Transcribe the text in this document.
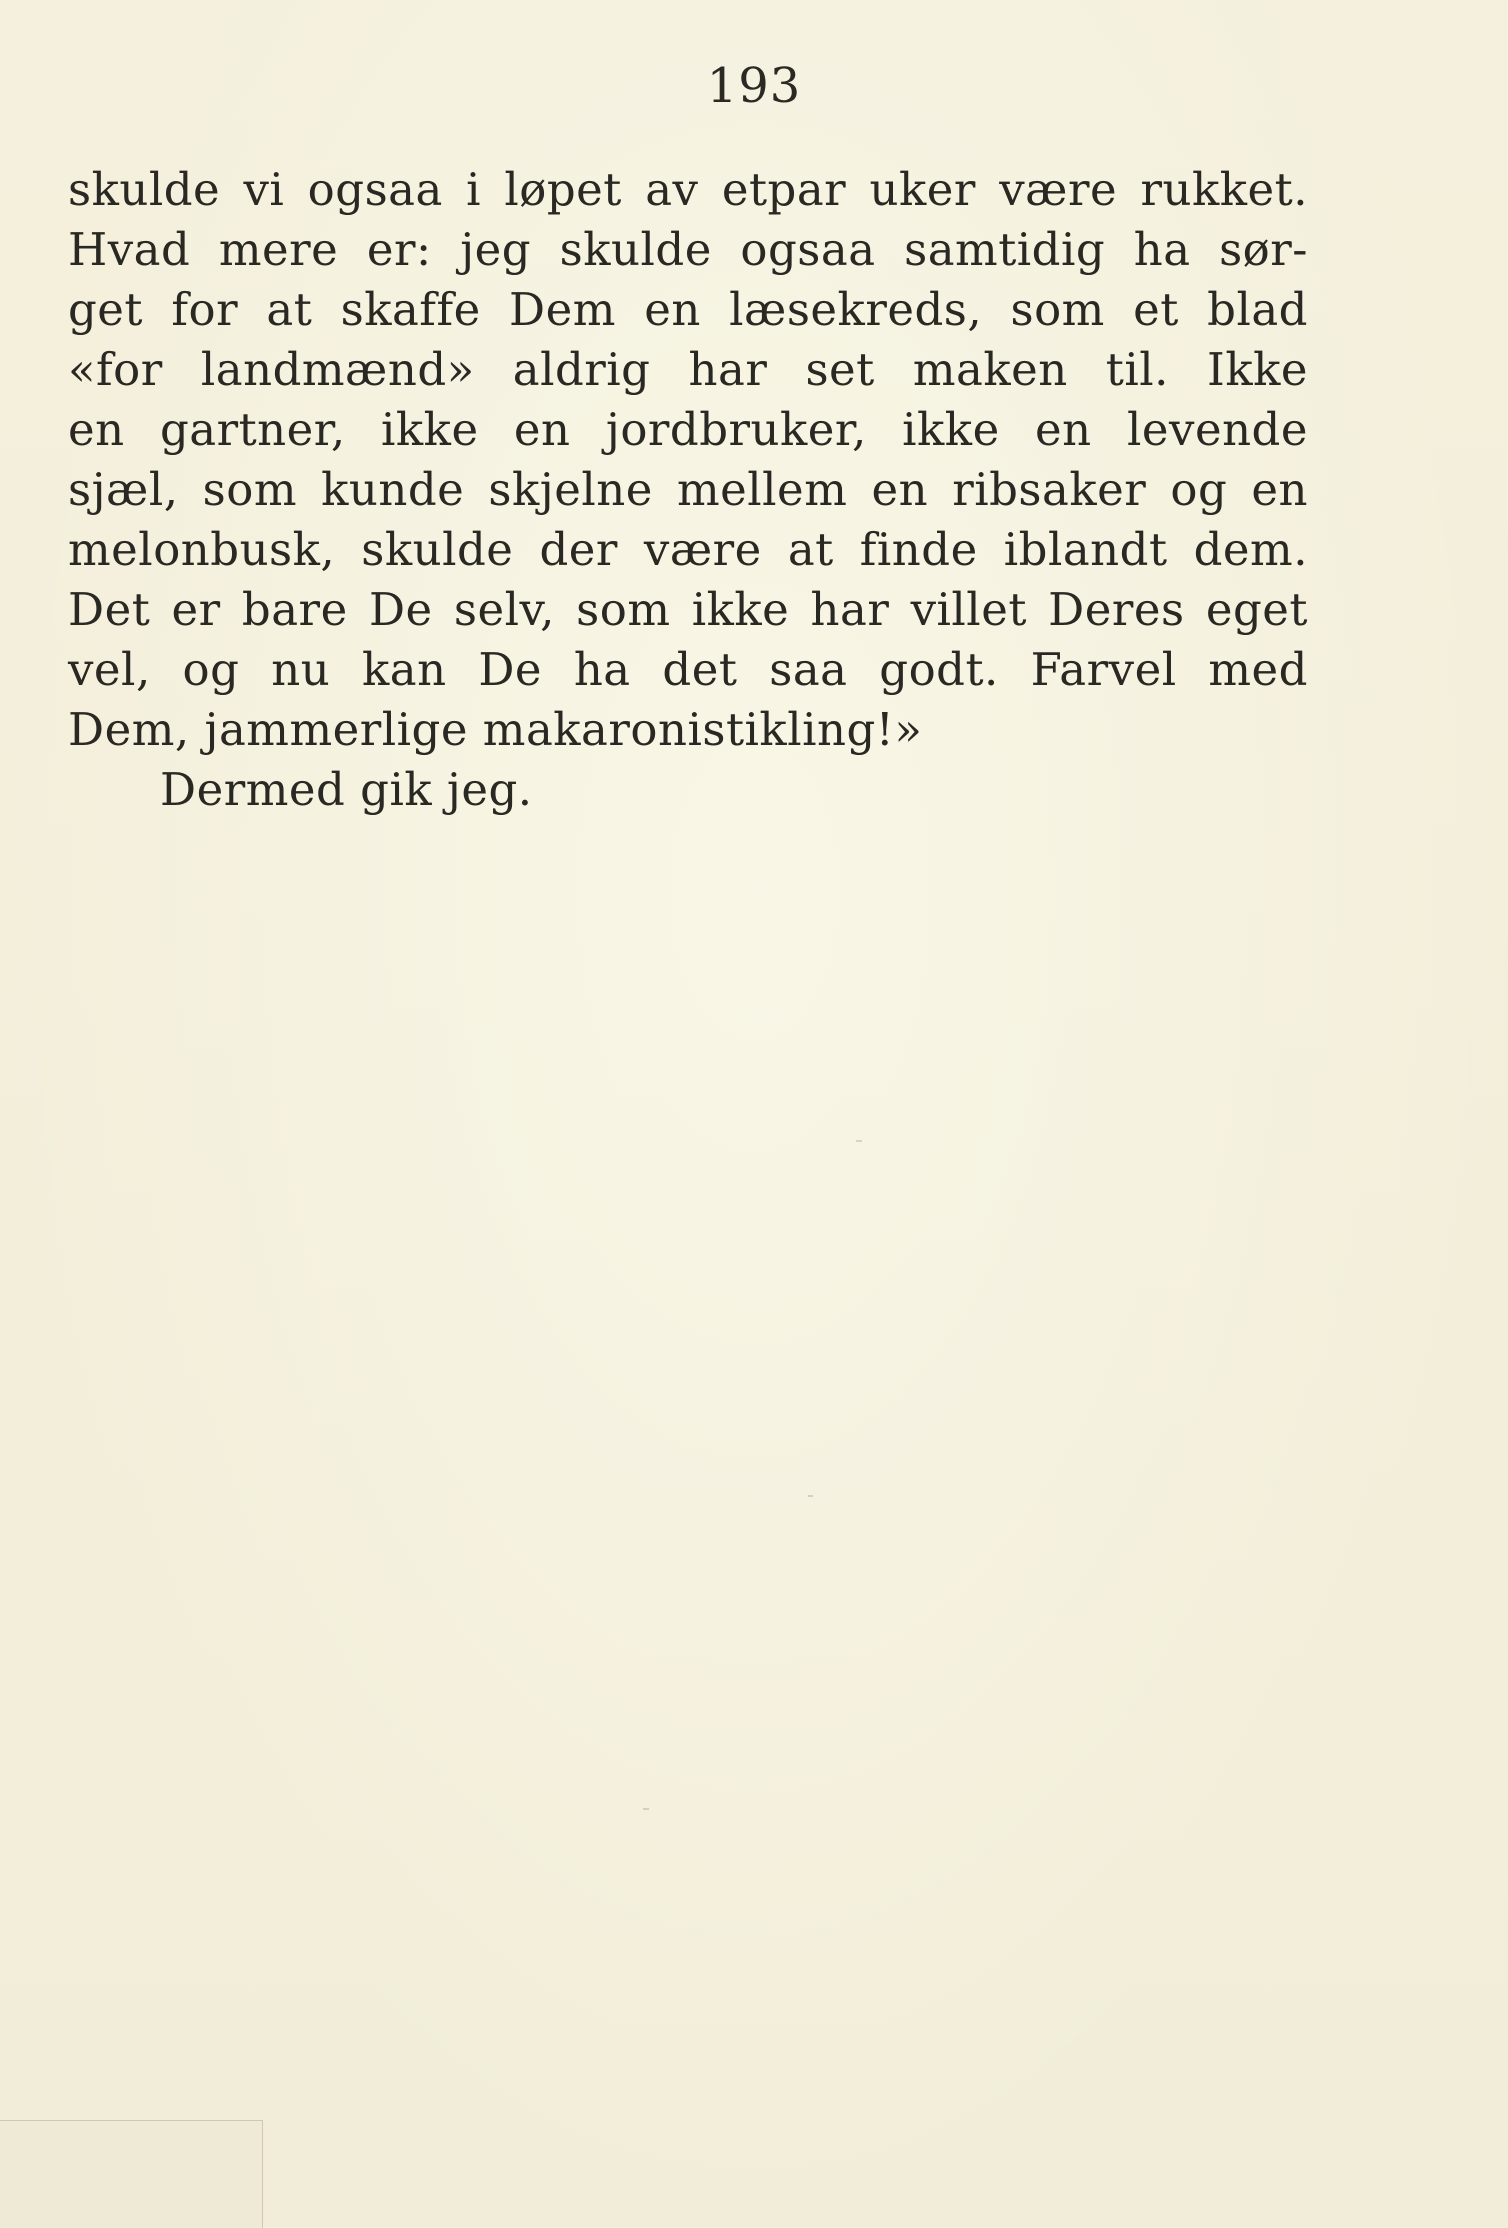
193
skulde vi ogsaa i løpet av etpar uker være rukket.
Hvad mere er: jeg skulde ogsaa samtidig ha sør-
get for at skaffe Dem en læsekreds, som et blad
«for landmænd» aldrig har set maken til. Ikke
en gartner, ikke en jordbruker, ikke en levende
sjæl, som kunde skjelne mellem en ribsaker og en
melonbusk, skulde der være at finde iblandt dem.
Det er bare De selv, som ikke har villet Deres eget
vel, og nu kan De ha det saa godt. Farvel med
Dem, jammerlige makaronistikling!»
Dermed gik jeg.
